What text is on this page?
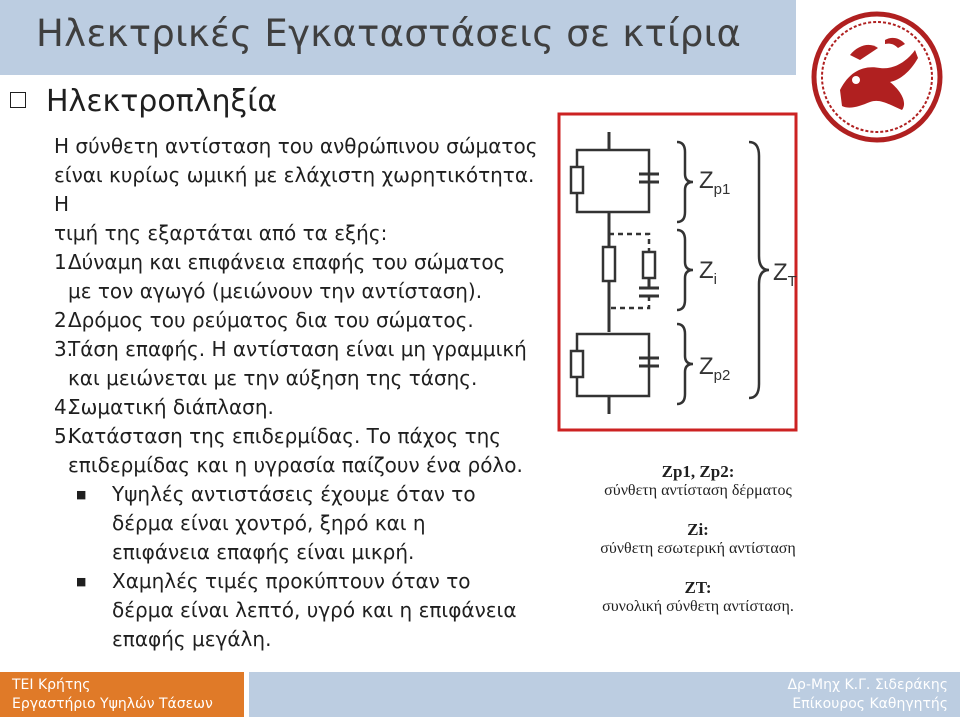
Ηλεκτρικές Εγκαταστάσεις σε κτίρια
Ηλεκτροπληξία

Η σύνθετη αντίσταση του ανθρώπινου σώματος

είναι κυρίως ωμική με ελάχιστη χωρητικότητα. Η

τιμή της εξαρτάται από τα εξής:

1.
Δύναμη και επιφάνεια επαφής του σώματος
με τον αγωγό (μειώνουν την αντίσταση).
2.
Δρόμος του ρεύματος δια του σώματος.
3.
Τάση επαφής. Η αντίσταση είναι μη γραμμική
και μειώνεται με την αύξηση της τάσης.
4.
Σωματική διάπλαση.
5.
Κατάσταση της επιδερμίδας. Το πάχος της
επιδερμίδας και η υγρασία παίζουν ένα ρόλο.
■	Υψηλές αντιστάσεις έχουμε όταν το
δέρμα είναι χοντρό, ξηρό και η
επιφάνεια επαφής είναι μικρή.
■	Χαμηλές τιμές προκύπτουν όταν το
δέρμα είναι λεπτό, υγρό και η επιφάνεια
επαφής μεγάλη.
$Z_{p1}$
$Z_i$
$Z_{p2}$
$Z_T$
Zp1, Zp2:
σύνθετη αντίσταση δέρματος
Zi:
σύνθετη εσωτερική αντίσταση
ZT:
συνολική σύνθετη αντίσταση.
ΤΕΙ Κρήτης
Εργαστήριο Υψηλών Τάσεων
Δρ-Μηχ Κ.Γ. Σιδεράκης
Επίκουρος Καθηγητής
